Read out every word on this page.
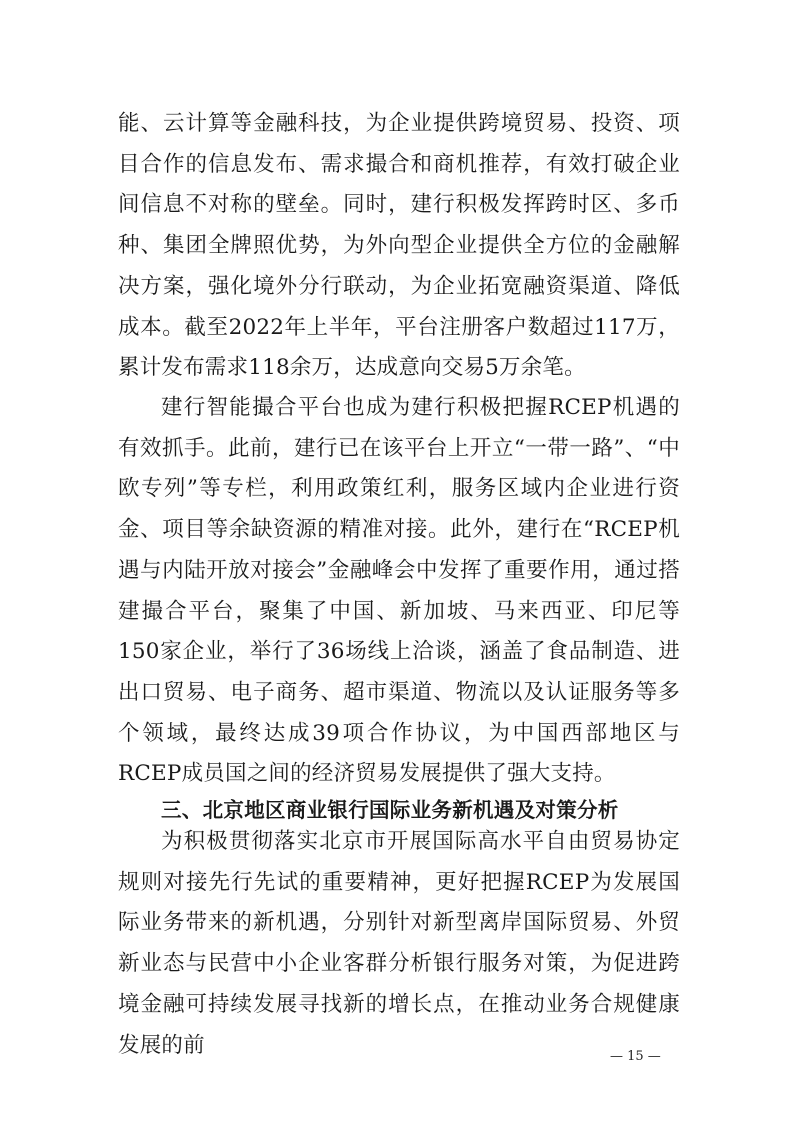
能、云计算等金融科技，为企业提供跨境贸易、投资、项目合作的信息发布、需求撮合和商机推荐，有效打破企业间信息不对称的壁垒。同时，建行积极发挥跨时区、多币种、集团全牌照优势，为外向型企业提供全方位的金融解决方案，强化境外分行联动，为企业拓宽融资渠道、降低成本。截至2022年上半年，平台注册客户数超过117万，累计发布需求118余万，达成意向交易5万余笔。

建行智能撮合平台也成为建行积极把握RCEP机遇的有效抓手。此前，建行已在该平台上开立“一带一路”、“中欧专列”等专栏，利用政策红利，服务区域内企业进行资金、项目等余缺资源的精准对接。此外，建行在“RCEP机遇与内陆开放对接会”金融峰会中发挥了重要作用，通过搭建撮合平台，聚集了中国、新加坡、马来西亚、印尼等150家企业，举行了36场线上洽谈，涵盖了食品制造、进出口贸易、电子商务、超市渠道、物流以及认证服务等多个领域，最终达成39项合作协议，为中国西部地区与RCEP成员国之间的经济贸易发展提供了强大支持。

三、北京地区商业银行国际业务新机遇及对策分析

为积极贯彻落实北京市开展国际高水平自由贸易协定规则对接先行先试的重要精神，更好把握RCEP为发展国际业务带来的新机遇，分别针对新型离岸国际贸易、外贸新业态与民营中小企业客群分析银行服务对策，为促进跨境金融可持续发展寻找新的增长点，在推动业务合规健康发展的前	— 15 —
